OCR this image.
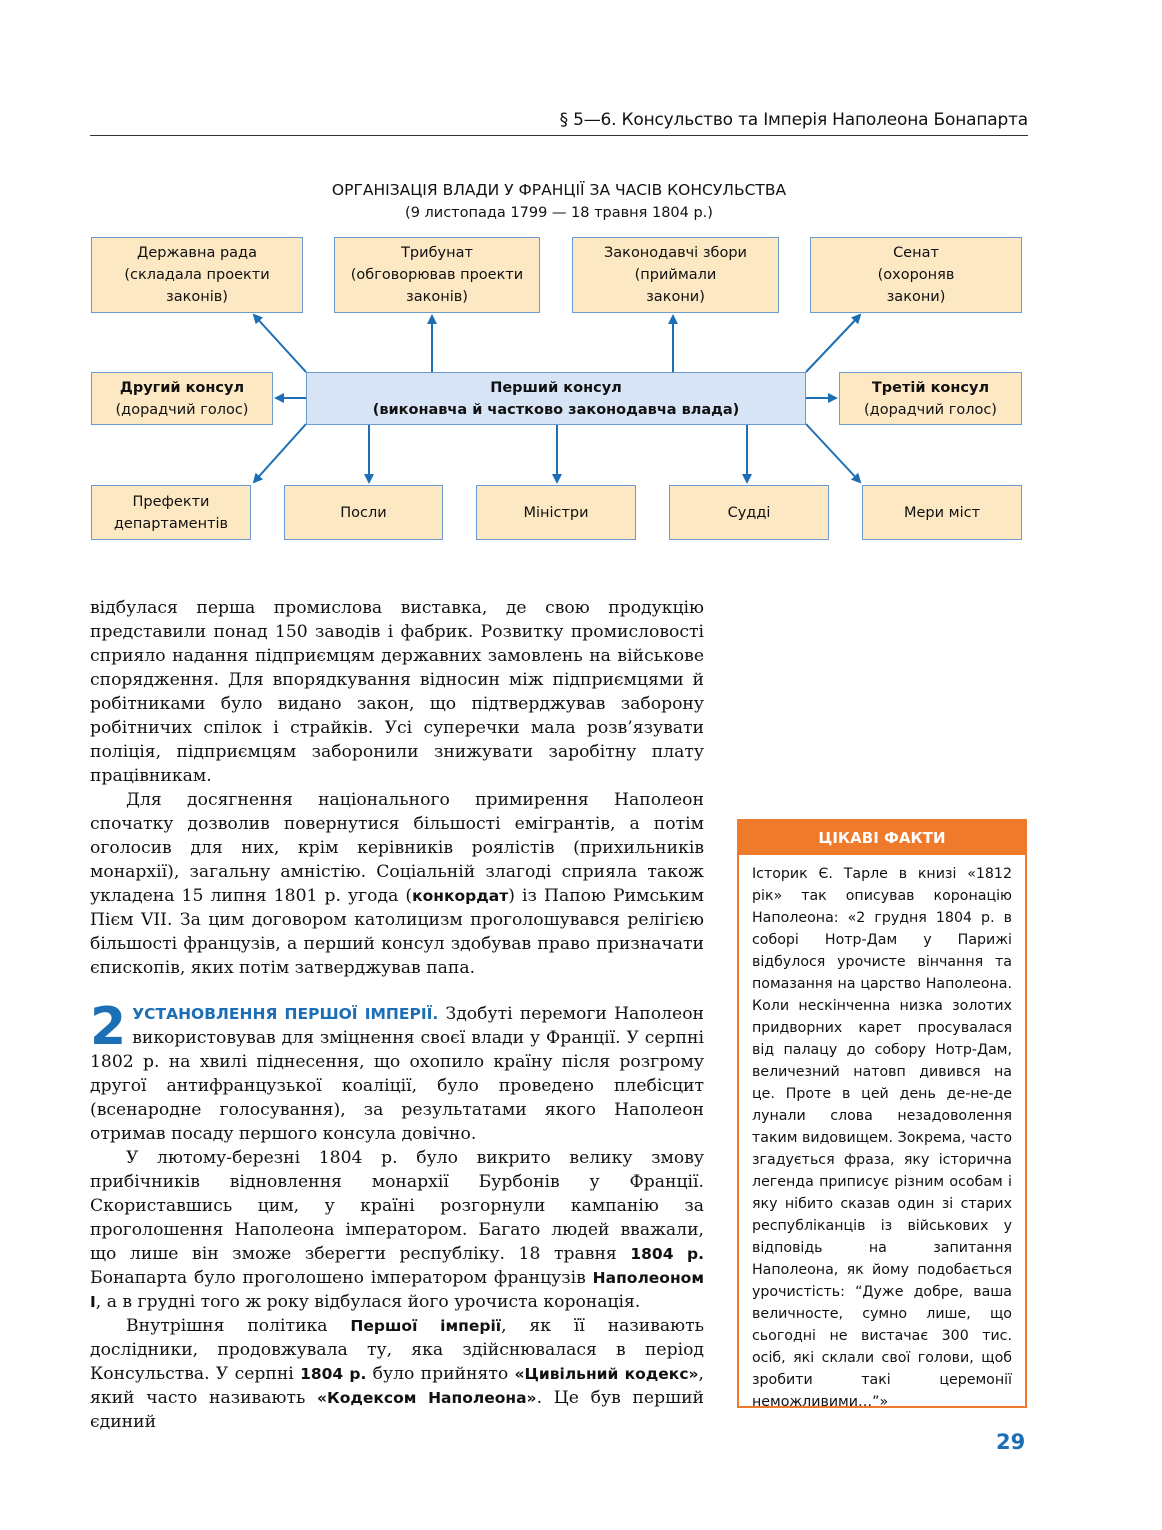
§ 5—6. Консульство та Імперія Наполеона Бонапарта
ОРГАНІЗАЦІЯ ВЛАДИ У ФРАНЦІЇ ЗА ЧАСІВ КОНСУЛЬСТВА
(9 листопада 1799 — 18 травня 1804 р.)
Державна рада
(складала проекти
законів)
Трибунат
(обговорював проекти
законів)
Законодавчі збори
(приймали
закони)
Сенат
(охороняв
закони)
Другий консул
(дорадчий голос)
Перший консул
(виконавча й частково законодавча влада)
Третій консул
(дорадчий голос)
Префекти
департаментів
Посли	Міністри	Судді	Мери міст

відбулася перша промислова виставка, де свою продукцію представили понад 150 заводів і фабрик. Розвитку промисловості сприяло надання підприємцям державних замовлень на військове спорядження. Для впорядкування відносин між підприємцями й робітниками було видано закон, що підтверджував заборону робітничих спілок і страйків. Усі суперечки мала розв’язувати поліція, підприємцям заборонили знижувати заробітну плату працівникам.

Для досягнення національного примирення Наполеон спочатку дозволив повернутися більшості емігрантів, а потім оголосив для них, крім керівників роялістів (прихильників монархії), загальну амністію. Соціальній злагоді сприяла також укладена 15 липня 1801 р. угода (конкордат) із Папою Римським Пієм VII. За цим договором католицизм проголошувався релігією більшості французів, а перший консул здобував право призначати єпископів, яких потім затверджував папа.

2 УСТАНОВЛЕННЯ ПЕРШОЇ ІМПЕРІЇ. Здобуті перемоги Наполеон використовував для зміцнення своєї влади у Франції. У серпні 1802 р. на хвилі піднесення, що охопило країну після розгрому другої антифранцузької коаліції, було проведено плебісцит (всенародне голосування), за результатами якого Наполеон отримав посаду першого консула довічно.

У лютому-березні 1804 р. було викрито велику змову прибічників відновлення монархії Бурбонів у Франції. Скориставшись цим, у країні розгорнули кампанію за проголошення Наполеона імператором. Багато людей вважали, що лише він зможе зберегти республіку. 18 травня 1804 р. Бонапарта було проголошено імператором французів Наполеоном I, а в грудні того ж року відбулася його урочиста коронація.

Внутрішня політика Першої імперії, як її називають дослідники, продовжувала ту, яка здійснювалася в період Консульства. У серпні 1804 р. було прийнято «Цивільний кодекс», який часто називають «Кодексом Наполеона». Це був перший єдиний

ЦІКАВІ ФАКТИ
Історик Є. Тарле в книзі «1812 рік» так описував коронацію Наполеона: «2 грудня 1804 р. в соборі Нотр-Дам у Парижі відбулося урочисте вінчання та помазання на царство Наполеона. Коли нескінченна низка золотих придворних карет просувалася від палацу до собору Нотр-Дам, величезний натовп дивився на це. Проте в цей день де-не-де лунали слова незадоволення таким видовищем. Зокрема, часто згадується фраза, яку історична легенда приписує різним особам і яку нібито сказав один зі старих республіканців із військових у відповідь на запитання Наполеона, як йому подобається урочистість: “Дуже добре, ваша величносте, сумно лише, що сьогодні не вистачає 300 тис. осіб, які склали свої голови, щоб зробити такі церемонії неможливими…”»
29
